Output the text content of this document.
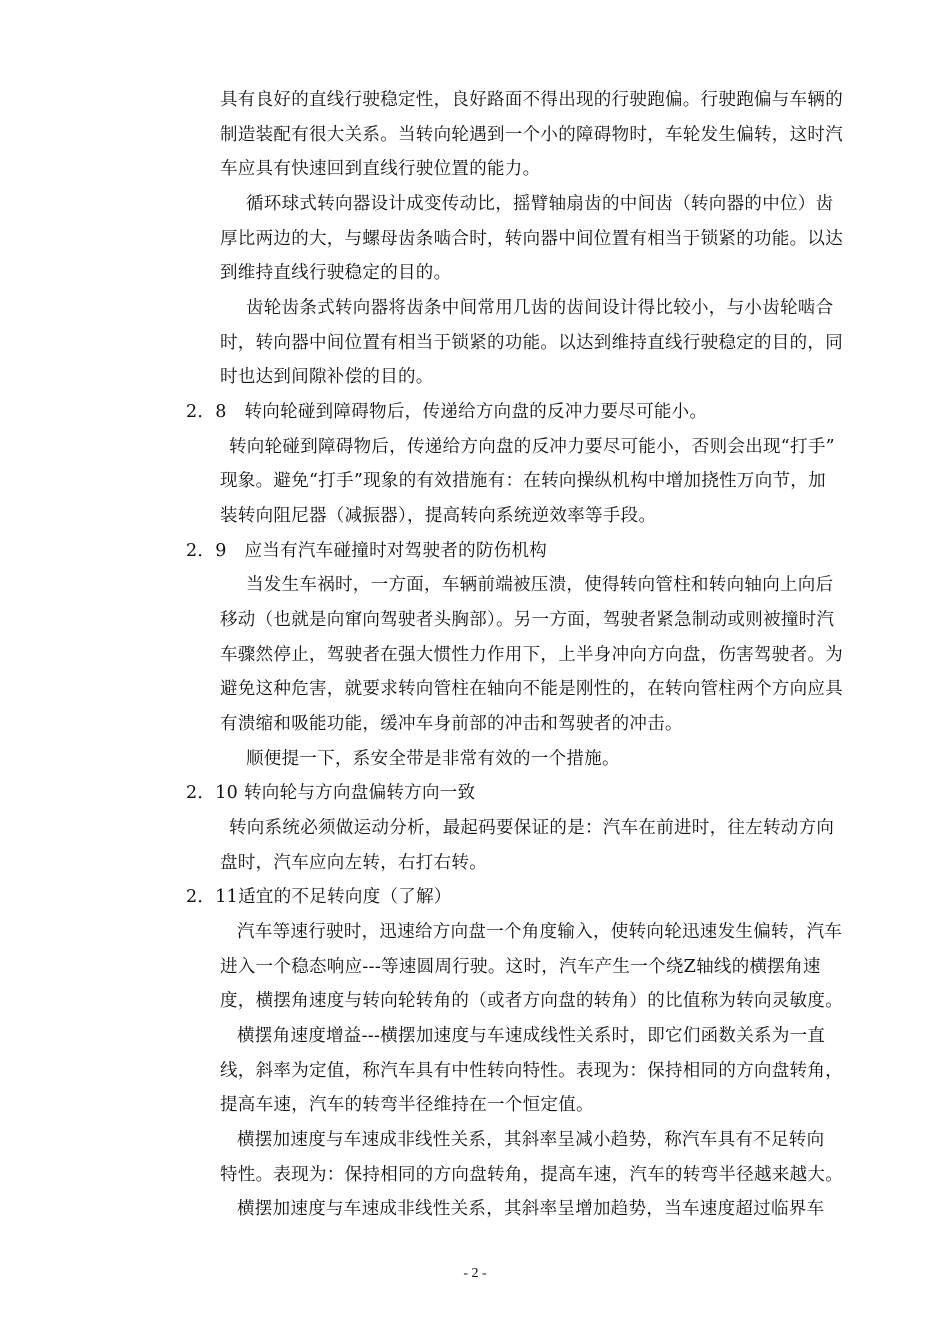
具有良好的直线行驶稳定性，良好路面不得出现的行驶跑偏。行驶跑偏与车辆的
制造装配有很大关系。当转向轮遇到一个小的障碍物时，车轮发生偏转，这时汽
车应具有快速回到直线行驶位置的能力。
循环球式转向器设计成变传动比，摇臂轴扇齿的中间齿（转向器的中位）齿
厚比两边的大，与螺母齿条啮合时，转向器中间位置有相当于锁紧的功能。以达
到维持直线行驶稳定的目的。
齿轮齿条式转向器将齿条中间常用几齿的齿间设计得比较小，与小齿轮啮合
时，转向器中间位置有相当于锁紧的功能。以达到维持直线行驶稳定的目的，同
时也达到间隙补偿的目的。
2．8　转向轮碰到障碍物后，传递给方向盘的反冲力要尽可能小。
转向轮碰到障碍物后，传递给方向盘的反冲力要尽可能小，否则会出现“打手”
现象。避免“打手”现象的有效措施有：在转向操纵机构中增加挠性万向节，加
装转向阻尼器（减振器），提高转向系统逆效率等手段。
2．9　应当有汽车碰撞时对驾驶者的防伤机构
当发生车祸时，一方面，车辆前端被压溃，使得转向管柱和转向轴向上向后
移动（也就是向窜向驾驶者头胸部）。另一方面，驾驶者紧急制动或则被撞时汽
车骤然停止，驾驶者在强大惯性力作用下，上半身冲向方向盘，伤害驾驶者。为
避免这种危害，就要求转向管柱在轴向不能是刚性的，在转向管柱两个方向应具
有溃缩和吸能功能，缓冲车身前部的冲击和驾驶者的冲击。
顺便提一下，系安全带是非常有效的一个措施。
2．10 转向轮与方向盘偏转方向一致
转向系统必须做运动分析，最起码要保证的是：汽车在前进时，往左转动方向
盘时，汽车应向左转，右打右转。
2．11适宜的不足转向度（了解）
汽车等速行驶时，迅速给方向盘一个角度输入，使转向轮迅速发生偏转，汽车
进入一个稳态响应---等速圆周行驶。这时，汽车产生一个绕Z轴线的横摆角速
度，横摆角速度与转向轮转角的（或者方向盘的转角）的比值称为转向灵敏度。
横摆角速度增益---横摆加速度与车速成线性关系时，即它们函数关系为一直
线，斜率为定值，称汽车具有中性转向特性。表现为：保持相同的方向盘转角，
提高车速，汽车的转弯半径维持在一个恒定值。
横摆加速度与车速成非线性关系，其斜率呈减小趋势，称汽车具有不足转向
特性。表现为：保持相同的方向盘转角，提高车速，汽车的转弯半径越来越大。
横摆加速度与车速成非线性关系，其斜率呈增加趋势，当车速度超过临界车
- 2 -
